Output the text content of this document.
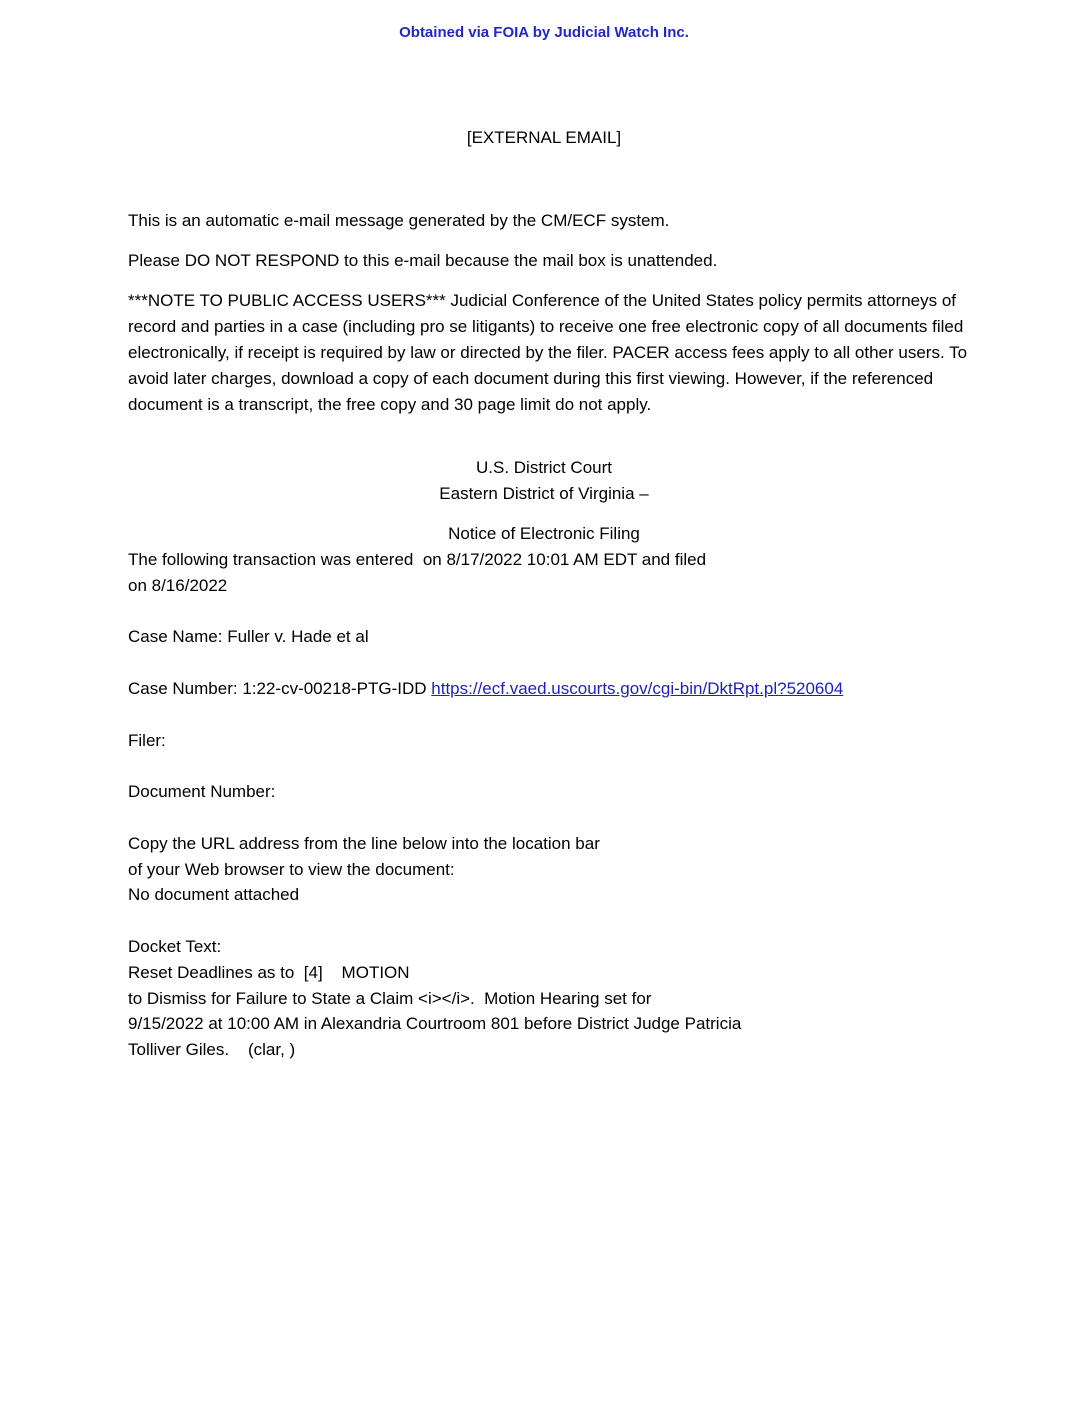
Obtained via FOIA by Judicial Watch Inc.
[EXTERNAL EMAIL]
This is an automatic e-mail message generated by the CM/ECF system.
Please DO NOT RESPOND to this e-mail because the mail box is unattended.
***NOTE TO PUBLIC ACCESS USERS*** Judicial Conference of the United States policy permits attorneys of record and parties in a case (including pro se litigants) to receive one free electronic copy of all documents filed electronically, if receipt is required by law or directed by the filer. PACER access fees apply to all other users. To avoid later charges, download a copy of each document during this first viewing. However, if the referenced document is a transcript, the free copy and 30 page limit do not apply.
U.S. District Court
Eastern District of Virginia –
Notice of Electronic Filing
The following transaction was entered  on 8/17/2022 10:01 AM EDT and filed
on 8/16/2022
Case Name: Fuller v. Hade et al
Case Number: 1:22-cv-00218-PTG-IDD https://ecf.vaed.uscourts.gov/cgi-bin/DktRpt.pl?520604
Filer:
Document Number:
Copy the URL address from the line below into the location bar
of your Web browser to view the document:
No document attached
Docket Text:
Reset Deadlines as to  [4]    MOTION
to Dismiss for Failure to State a Claim <i></i>.  Motion Hearing set for
9/15/2022 at 10:00 AM in Alexandria Courtroom 801 before District Judge Patricia
Tolliver Giles.    (clar, )
